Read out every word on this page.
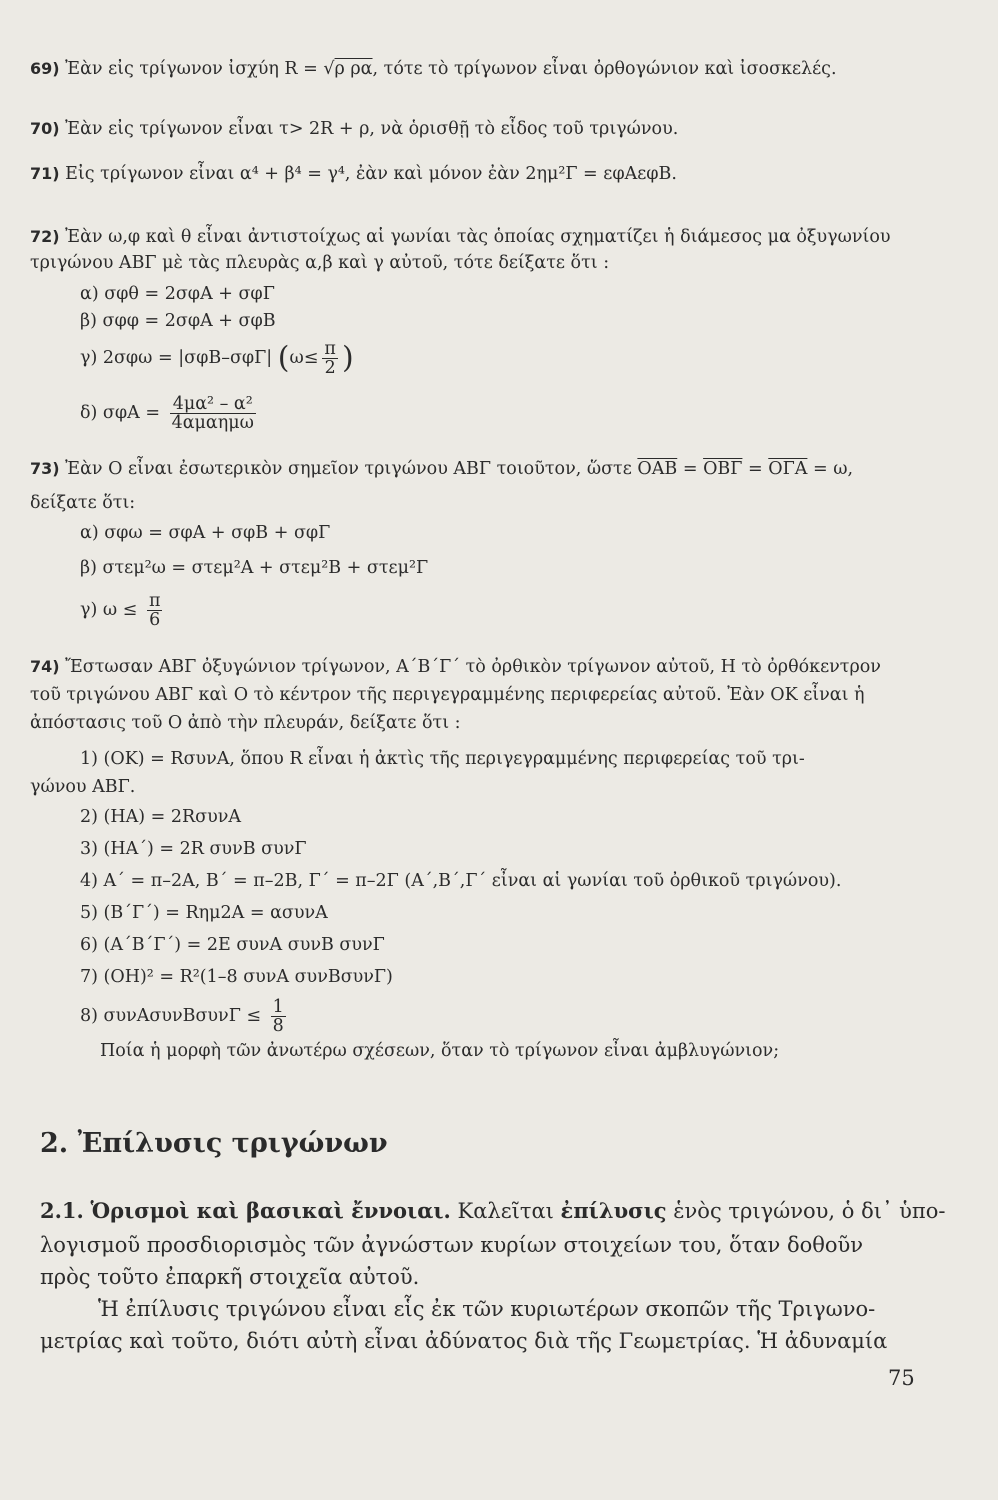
69) Ἐὰν εἰς τρίγωνον ἰσχύη R = √ρ ρα, τότε τὸ τρίγωνον εἶναι ὀρθογώνιον καὶ ἰσοσκελές.
70) Ἐὰν εἰς τρίγωνον εἶναι τ> 2R + ρ, νὰ ὁρισθῇ τὸ εἶδος τοῦ τριγώνου.
71) Εἰς τρίγωνον εἶναι α⁴ + β⁴ = γ⁴, ἐὰν καὶ μόνον ἐὰν 2ημ²Γ = εφΑεφΒ.
72) Ἐὰν ω,φ καὶ θ εἶναι ἀντιστοίχως αἱ γωνίαι τὰς ὁποίας σχηματίζει ἡ διάμεσος μα ὀξυγωνίου
τριγώνου ΑΒΓ μὲ τὰς πλευρὰς α,β καὶ γ αὐτοῦ, τότε δείξατε ὅτι :
α) σφθ = 2σφΑ + σφΓ
β) σφφ = 2σφΑ + σφΒ
γ) 2σφω = |σφΒ–σφΓ| ($\omega\le \frac{\pi}{2}$ )
δ) $\sigma\varphi A = \frac{\text{4μα² – α²}}{\text{4αμαημω}}$
73) Ἐὰν Ο εἶναι ἐσωτερικὸν σημεῖον τριγώνου ΑΒΓ τοιοῦτον, ὥστε $\overline{OAB} = \overline{OB\Gamma} = \overline{O\Gamma A} = \omega$,
δείξατε ὅτι:
α) σφω = σφΑ + σφΒ + σφΓ
β) στεμ²ω = στεμ²Α + στεμ²Β + στεμ²Γ
γ) $\omega \le \frac{\pi}{6}$
74) Ἔστωσαν ΑΒΓ ὀξυγώνιον τρίγωνον, Α΄Β΄Γ΄ τὸ ὀρθικὸν τρίγωνον αὐτοῦ, Η τὸ ὀρθόκεντρον
τοῦ τριγώνου ΑΒΓ καὶ Ο τὸ κέντρον τῆς περιγεγραμμένης περιφερείας αὐτοῦ. Ἐὰν ΟΚ εἶναι ἡ
ἀπόστασις τοῦ Ο ἀπὸ τὴν πλευράν, δείξατε ὅτι :
1) (ΟΚ) = RσυνΑ, ὅπου R εἶναι ἡ ἀκτὶς τῆς περιγεγραμμένης περιφερείας τοῦ τρι-
γώνου ΑΒΓ.
2) (ΗΑ) = 2RσυνΑ
3) (ΗΑ΄) = 2R συνΒ συνΓ
4) Α΄ = π–2Α, Β΄ = π–2Β, Γ΄ = π–2Γ (Α΄,Β΄,Γ΄ εἶναι αἱ γωνίαι τοῦ ὀρθικοῦ τριγώνου).
5) (Β΄Γ΄) = Rημ2Α = ασυνΑ
6) (Α΄Β΄Γ΄) = 2Ε συνΑ συνΒ συνΓ
7) (ΟΗ)² = R²(1–8 συνΑ συνΒσυνΓ)
8) $\sigma\upsilon\nu A\sigma\upsilon\nu B\sigma\upsilon\nu\Gamma \le \frac{1}{8}$
Ποία ἡ μορφὴ τῶν ἀνωτέρω σχέσεων, ὅταν τὸ τρίγωνον εἶναι ἀμβλυγώνιον;
2. Ἐπίλυσις τριγώνων
2.1. Ὁρισμοὶ καὶ βασικαὶ ἔννοιαι. Καλεῖται ἐπίλυσις ἑνὸς τριγώνου, ὁ δι᾽ ὑπο-
λογισμοῦ προσδιορισμὸς τῶν ἀγνώστων κυρίων στοιχείων του, ὅταν δοθοῦν
πρὸς τοῦτο ἐπαρκῆ στοιχεῖα αὐτοῦ.
Ἡ ἐπίλυσις τριγώνου εἶναι εἷς ἐκ τῶν κυριωτέρων σκοπῶν τῆς Τριγωνο-
μετρίας καὶ τοῦτο, διότι αὐτὴ εἶναι ἀδύνατος διὰ τῆς Γεωμετρίας. Ἡ ἀδυναμία
75
